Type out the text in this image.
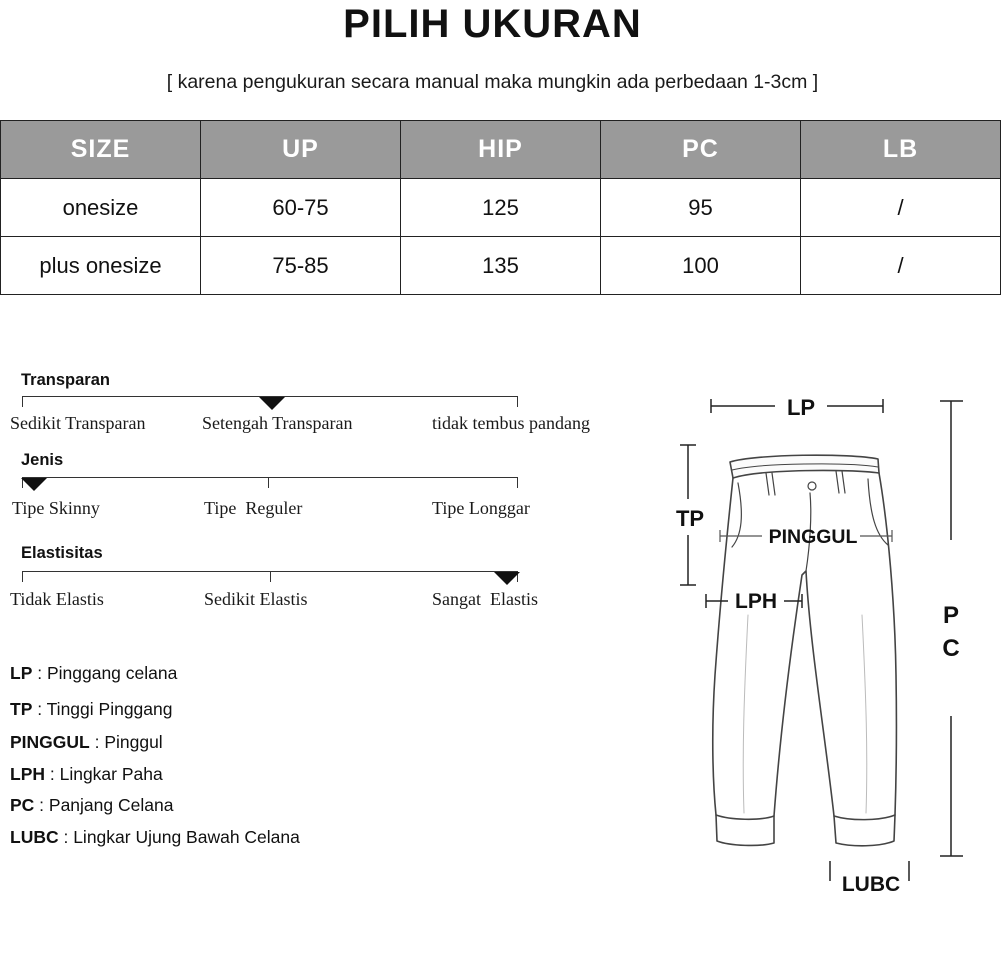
PILIH UKURAN
[ karena pengukuran secara manual maka mungkin ada perbedaan 1-3cm ]
SIZE	UP	HIP	PC	LB
onesize	60-75	125	95	/
plus onesize	75-85	135	100	/
Transparan
Sedikit Transparan	Setengah Transparan	tidak tembus pandang
Jenis
Tipe Skinny	Tipe  Reguler	Tipe Longgar
Elastisitas
Tidak Elastis	Sedikit Elastis	Sangat  Elastis
LP : Pinggang celana
TP : Tinggi Pinggang
PINGGUL : Pinggul
LPH : Lingkar Paha
PC : Panjang Celana
LUBC : Lingkar Ujung Bawah Celana
LP
TP
PINGGUL
LPH
P
C
LUBC
